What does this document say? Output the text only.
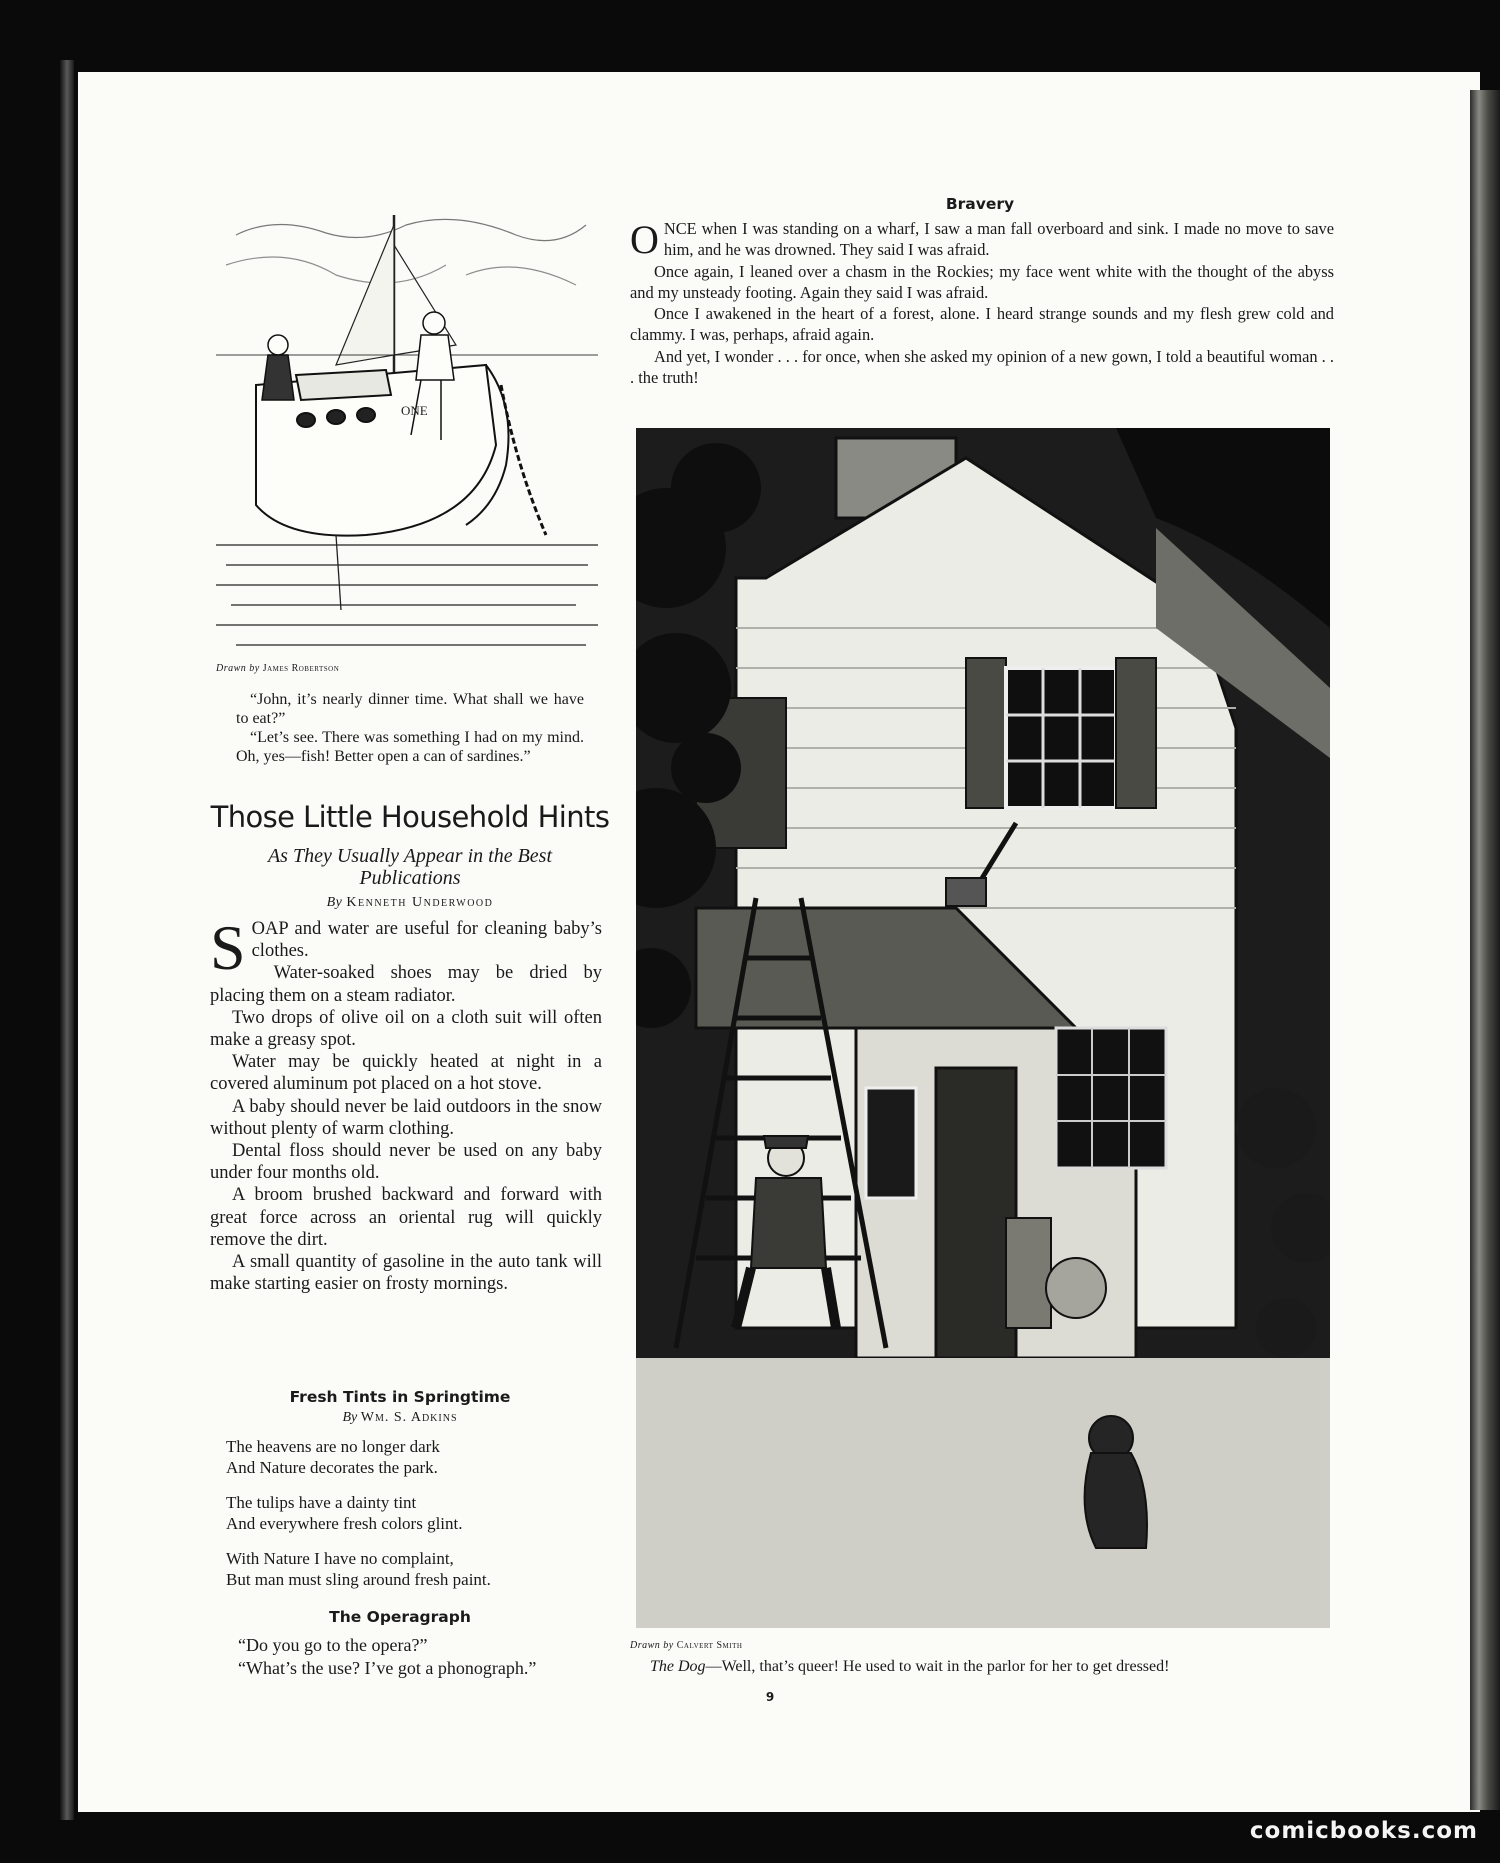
ONE
Drawn by James Robertson

“John, it’s nearly dinner time. What shall we have to eat?”

“Let’s see. There was something I had on my mind. Oh, yes—fish! Better open a can of sardines.”

Those Little Household Hints
As They Usually Appear in the Best
Publications
By Kenneth Underwood

SOAP and water are useful for cleaning baby’s clothes.

Water-soaked shoes may be dried by placing them on a steam radiator.

Two drops of olive oil on a cloth suit will often make a greasy spot.

Water may be quickly heated at night in a covered aluminum pot placed on a hot stove.

A baby should never be laid outdoors in the snow without plenty of warm clothing.

Dental floss should never be used on any baby under four months old.

A broom brushed backward and forward with great force across an oriental rug will quickly remove the dirt.

A small quantity of gasoline in the auto tank will make starting easier on frosty mornings.

Fresh Tints in Springtime
By Wm. S. Adkins
The heavens are no longer dark
And Nature decorates the park.
The tulips have a dainty tint
And everywhere fresh colors glint.
With Nature I have no complaint,
But man must sling around fresh paint.
The Operagraph

“Do you go to the opera?”

“What’s the use? I’ve got a phonograph.”

Bravery

ONCE when I was standing on a wharf, I saw a man fall overboard and sink. I made no move to save him, and he was drowned. They said I was afraid.

Once again, I leaned over a chasm in the Rockies; my face went white with the thought of the abyss and my unsteady footing. Again they said I was afraid.

Once I awakened in the heart of a forest, alone. I heard strange sounds and my flesh grew cold and clammy. I was, perhaps, afraid again.

And yet, I wonder . . . for once, when she asked my opinion of a new gown, I told a beautiful woman . . . the truth!

Drawn by Calvert Smith
The Dog—Well, that’s queer! He used to wait in the parlor for her to get dressed!
9
comicbooks.com
